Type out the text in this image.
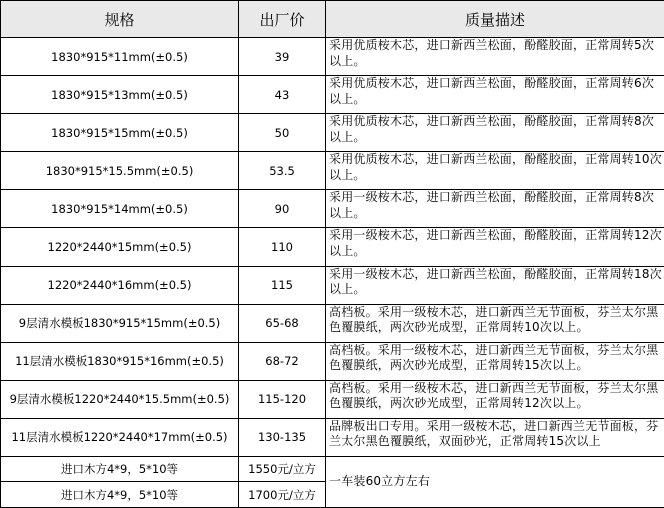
规格	出厂价	质量描述
1830*915*11mm(±0.5)	39	采用优质桉木芯，进口新西兰松面，酚醛胶面，正常周转5次以上。
1830*915*13mm(±0.5)	43	采用优质桉木芯，进口新西兰松面，酚醛胶面，正常周转6次以上。
1830*915*15mm(±0.5)	50	采用优质桉木芯，进口新西兰松面，酚醛胶面，正常周转8次以上。
1830*915*15.5mm(±0.5)	53.5	采用优质桉木芯，进口新西兰松面，酚醛胶面，正常周转10次以上。
1830*915*14mm(±0.5)	90	采用一级桉木芯，进口新西兰松面，酚醛胶面，正常周转8次以上。
1220*2440*15mm(±0.5)	110	采用一级桉木芯，进口新西兰松面，酚醛胶面，正常周转12次以上。
1220*2440*16mm(±0.5)	115	采用一级桉木芯，进口新西兰松面，酚醛胶面，正常周转18次以上。
9层清水模板1830*915*15mm(±0.5)	65-68	高档板。采用一级桉木芯，进口新西兰无节面板，芬兰太尔黑色覆膜纸，两次砂光成型，正常周转10次以上。
11层清水模板1830*915*16mm(±0.5)	68-72	高档板。采用一级桉木芯，进口新西兰无节面板，芬兰太尔黑色覆膜纸，两次砂光成型，正常周转15次以上。
9层清水模板1220*2440*15.5mm(±0.5)	115-120	高档板。采用一级桉木芯，进口新西兰无节面板，芬兰太尔黑色覆膜纸，两次砂光成型，正常周转12次以上。
11层清水模板1220*2440*17mm(±0.5)	130-135	品牌板出口专用。采用一级桉木芯，进口新西兰无节面板，芬兰太尔黑色覆膜纸，双面砂光，正常周转15次以上
进口木方4*9，5*10等	1550元/立方	一车装60立方左右
进口木方4*9，5*10等	1700元/立方	
